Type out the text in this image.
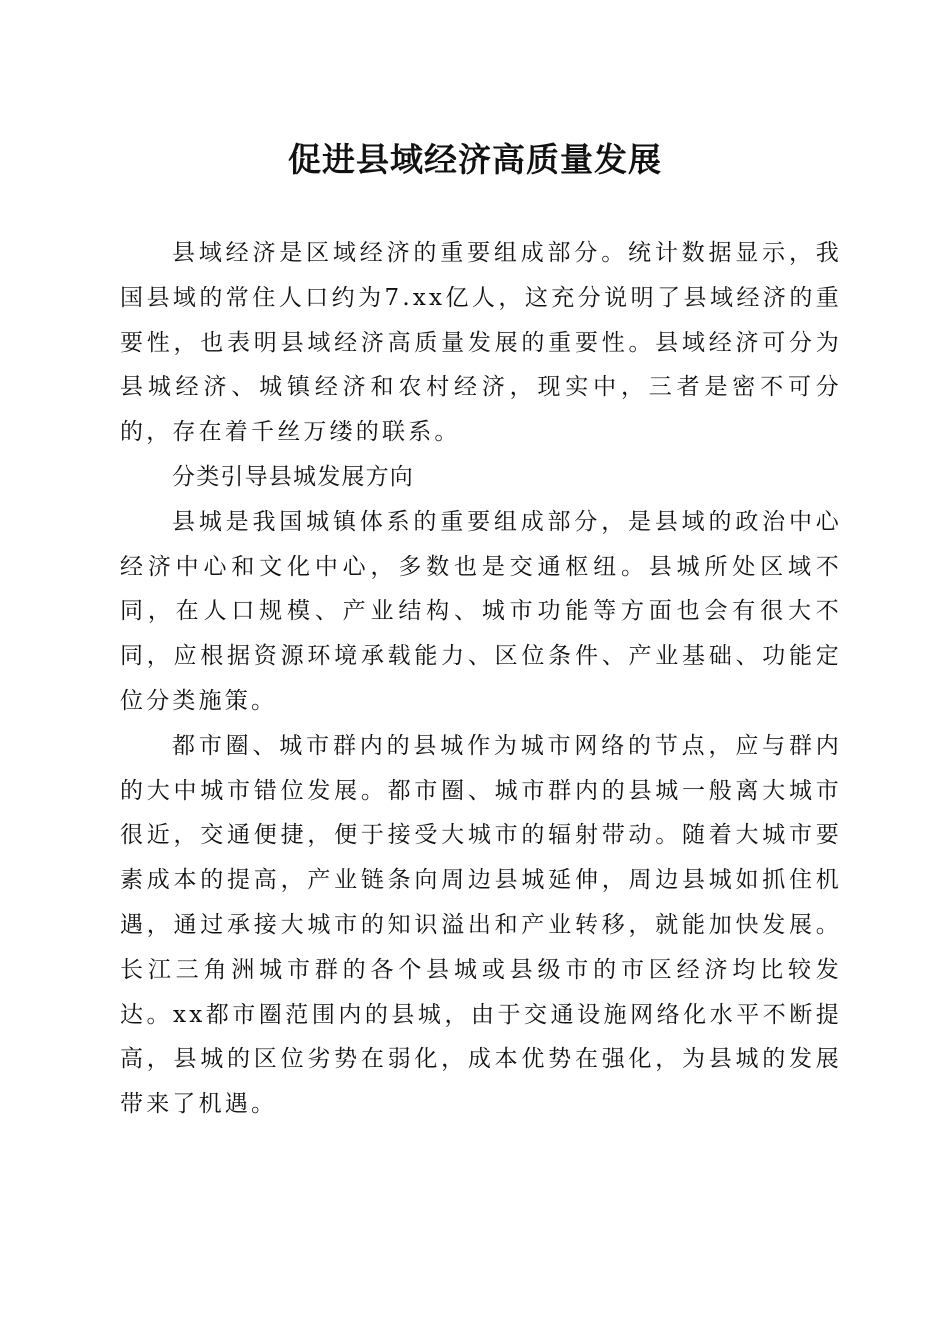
促进县域经济高质量发展

县域经济是区域经济的重要组成部分。统计数据显示，我国县域的常住人口约为7.xx亿人，这充分说明了县域经济的重要性，也表明县域经济高质量发展的重要性。县域经济可分为县城经济、城镇经济和农村经济，现实中，三者是密不可分的，存在着千丝万缕的联系。

分类引导县城发展方向

县城是我国城镇体系的重要组成部分，是县域的政治中心经济中心和文化中心，多数也是交通枢纽。县城所处区域不同，在人口规模、产业结构、城市功能等方面也会有很大不同，应根据资源环境承载能力、区位条件、产业基础、功能定位分类施策。

都市圈、城市群内的县城作为城市网络的节点，应与群内的大中城市错位发展。都市圈、城市群内的县城一般离大城市很近，交通便捷，便于接受大城市的辐射带动。随着大城市要素成本的提高，产业链条向周边县城延伸，周边县城如抓住机遇，通过承接大城市的知识溢出和产业转移，就能加快发展。长江三角洲城市群的各个县城或县级市的市区经济均比较发达。xx都市圈范围内的县城，由于交通设施网络化水平不断提高，县城的区位劣势在弱化，成本优势在强化，为县城的发展带来了机遇。
